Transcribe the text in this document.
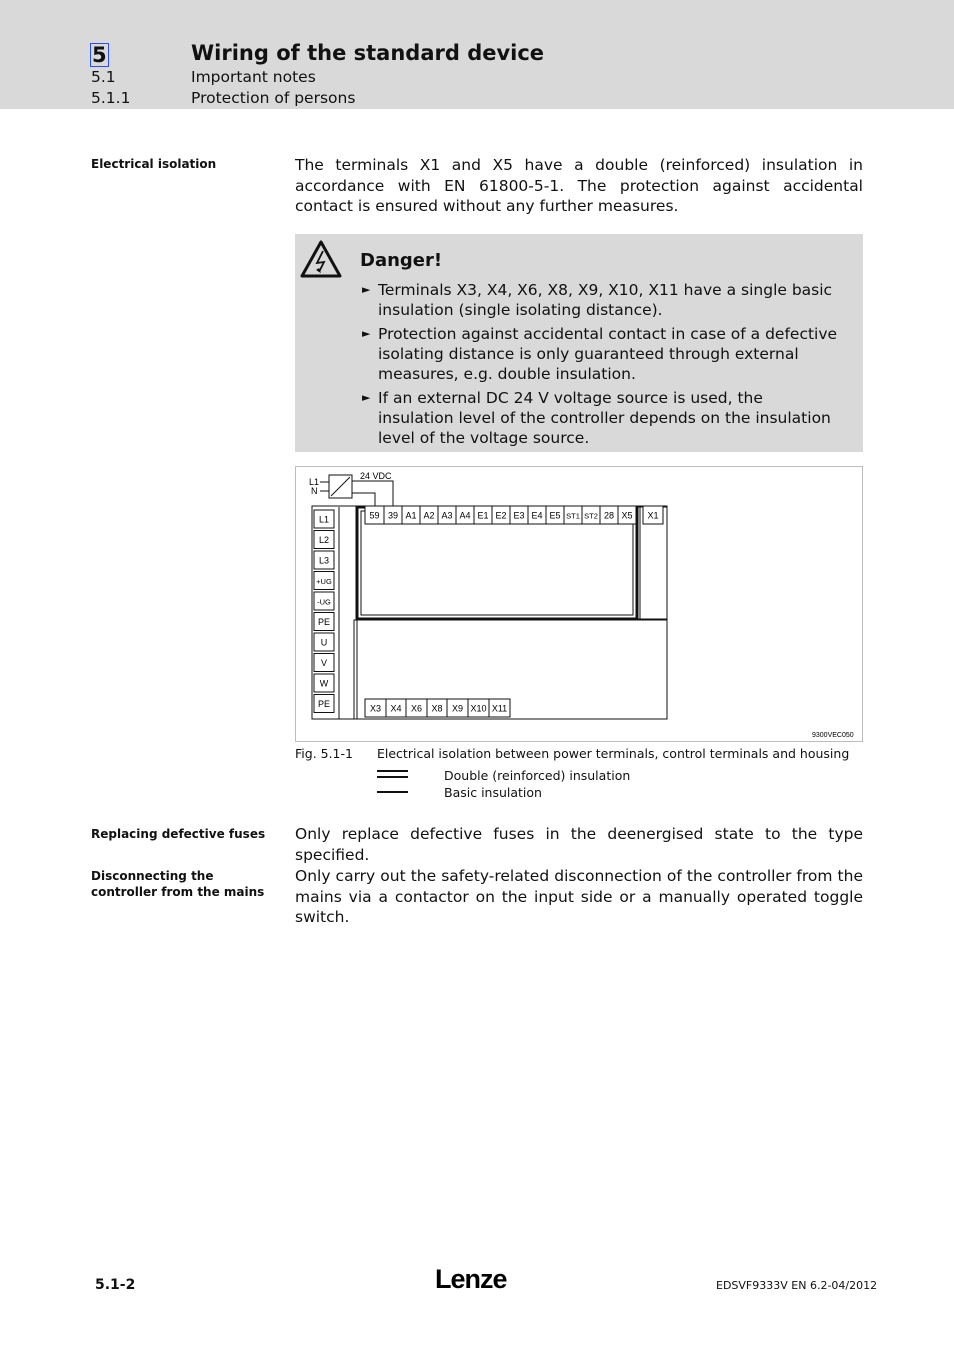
5	Wiring of the standard device
5.1	Important notes
5.1.1	Protection of persons
Electrical isolation	The terminals X1 and X5 have a double (reinforced) insulation in accordance with EN 61800-5-1. The protection against accidental contact is ensured without any further measures.
Danger!
► Terminals X3, X4, X6, X8, X9, X10, X11 have a single basic insulation (single isolating distance).
► Protection against accidental contact in case of a defective isolating distance is only guaranteed through external measures, e.g. double insulation.
► If an external DC 24 V voltage source is used, the insulation level of the controller depends on the insulation level of the voltage source.
L1
N
24 VDC
59 39 A1 A2 A3 A4 E1 E2 E3 E4 E5 ST1 ST2 28 X5 X1
L1
L2
L3
+UG
-UG
PE
U
V
W
PE	X3 X4 X6 X8 X9 X10 X11
9300VEC050
Fig. 5.1-1 Electrical isolation between power terminals, control terminals and housing
Double (reinforced) insulation
Basic insulation
Replacing defective fuses	Only replace defective fuses in the deenergised state to the type specified.
Disconnecting the controller from the mains
Only carry out the safety-related disconnection of the controller from the mains via a contactor on the input side or a manually operated toggle switch.
5.1-2	Lenze	EDSVF9333V EN 6.2-04/2012
